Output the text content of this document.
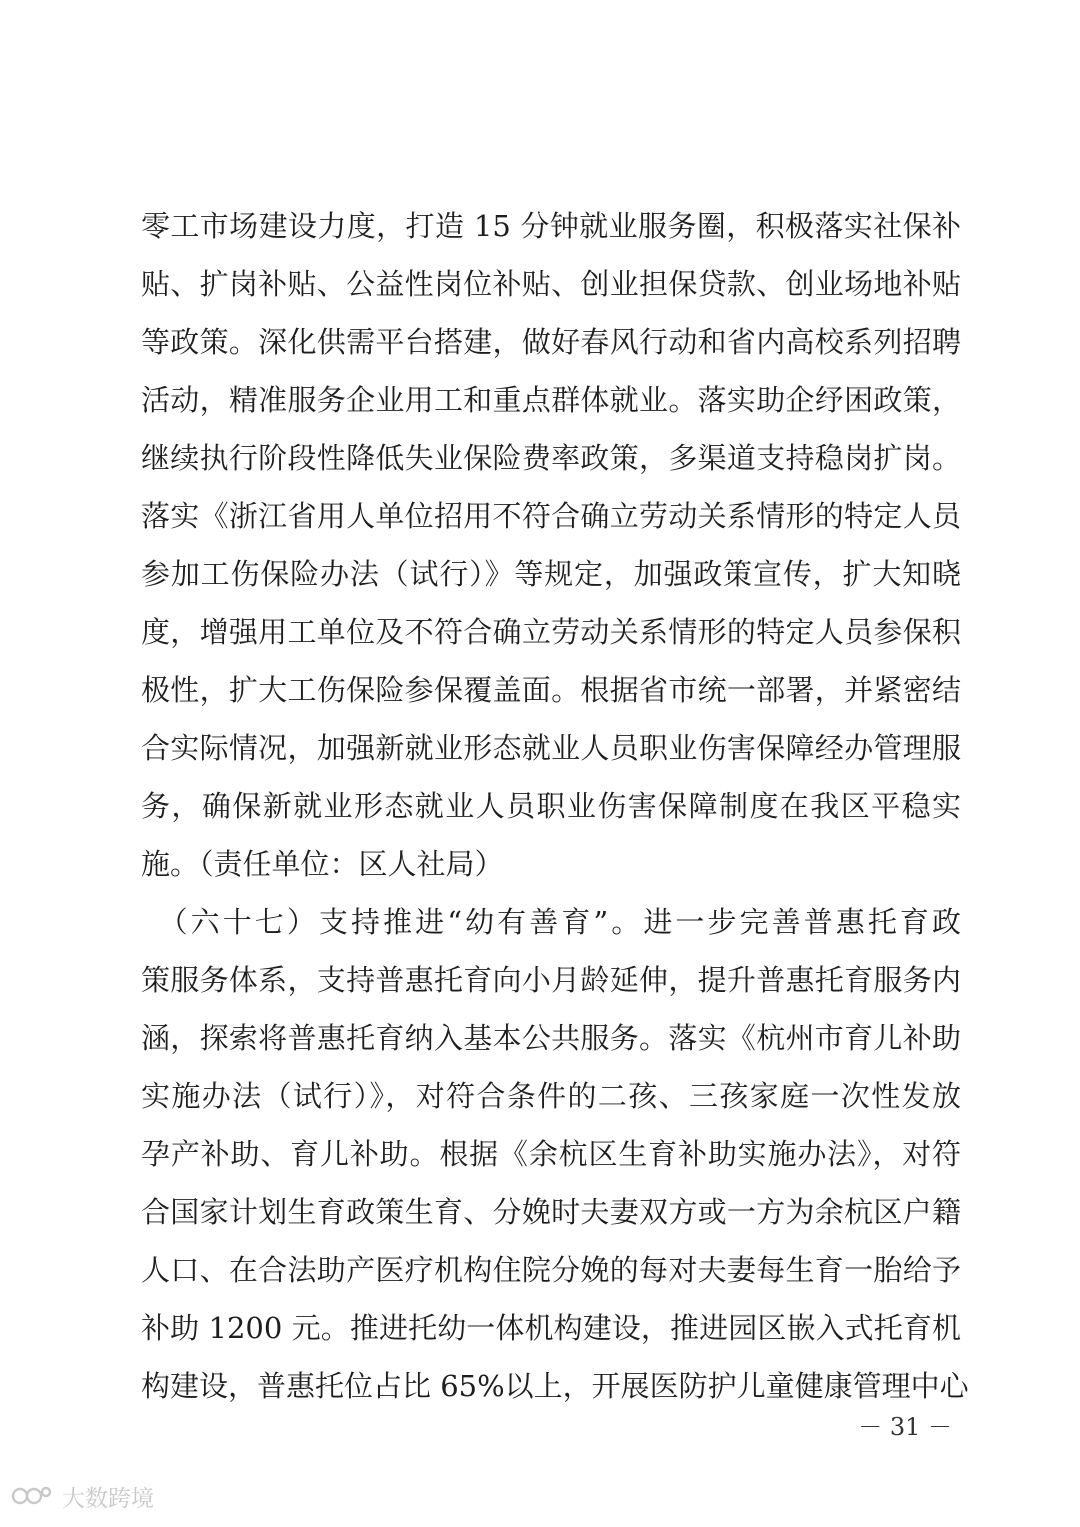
零工市场建设力度，打造 15 分钟就业服务圈，积极落实社保补
贴、扩岗补贴、公益性岗位补贴、创业担保贷款、创业场地补贴
等政策。深化供需平台搭建，做好春风行动和省内高校系列招聘
活动，精准服务企业用工和重点群体就业。落实助企纾困政策，
继续执行阶段性降低失业保险费率政策，多渠道支持稳岗扩岗。
落实《浙江省用人单位招用不符合确立劳动关系情形的特定人员
参加工伤保险办法（试行）》等规定，加强政策宣传，扩大知晓
度，增强用工单位及不符合确立劳动关系情形的特定人员参保积
极性，扩大工伤保险参保覆盖面。根据省市统一部署，并紧密结
合实际情况，加强新就业形态就业人员职业伤害保障经办管理服
务，确保新就业形态就业人员职业伤害保障制度在我区平稳实
施。（责任单位：区人社局）
　（六十七）支持推进“幼有善育”。进一步完善普惠托育政
策服务体系，支持普惠托育向小月龄延伸，提升普惠托育服务内
涵，探索将普惠托育纳入基本公共服务。落实《杭州市育儿补助
实施办法（试行）》，对符合条件的二孩、三孩家庭一次性发放
孕产补助、育儿补助。根据《余杭区生育补助实施办法》，对符
合国家计划生育政策生育、分娩时夫妻双方或一方为余杭区户籍
人口、在合法助产医疗机构住院分娩的每对夫妻每生育一胎给予
补助 1200 元。推进托幼一体机构建设，推进园区嵌入式托育机
构建设，普惠托位占比 65%以上，开展医防护儿童健康管理中心
－ 31 －
大数跨境
